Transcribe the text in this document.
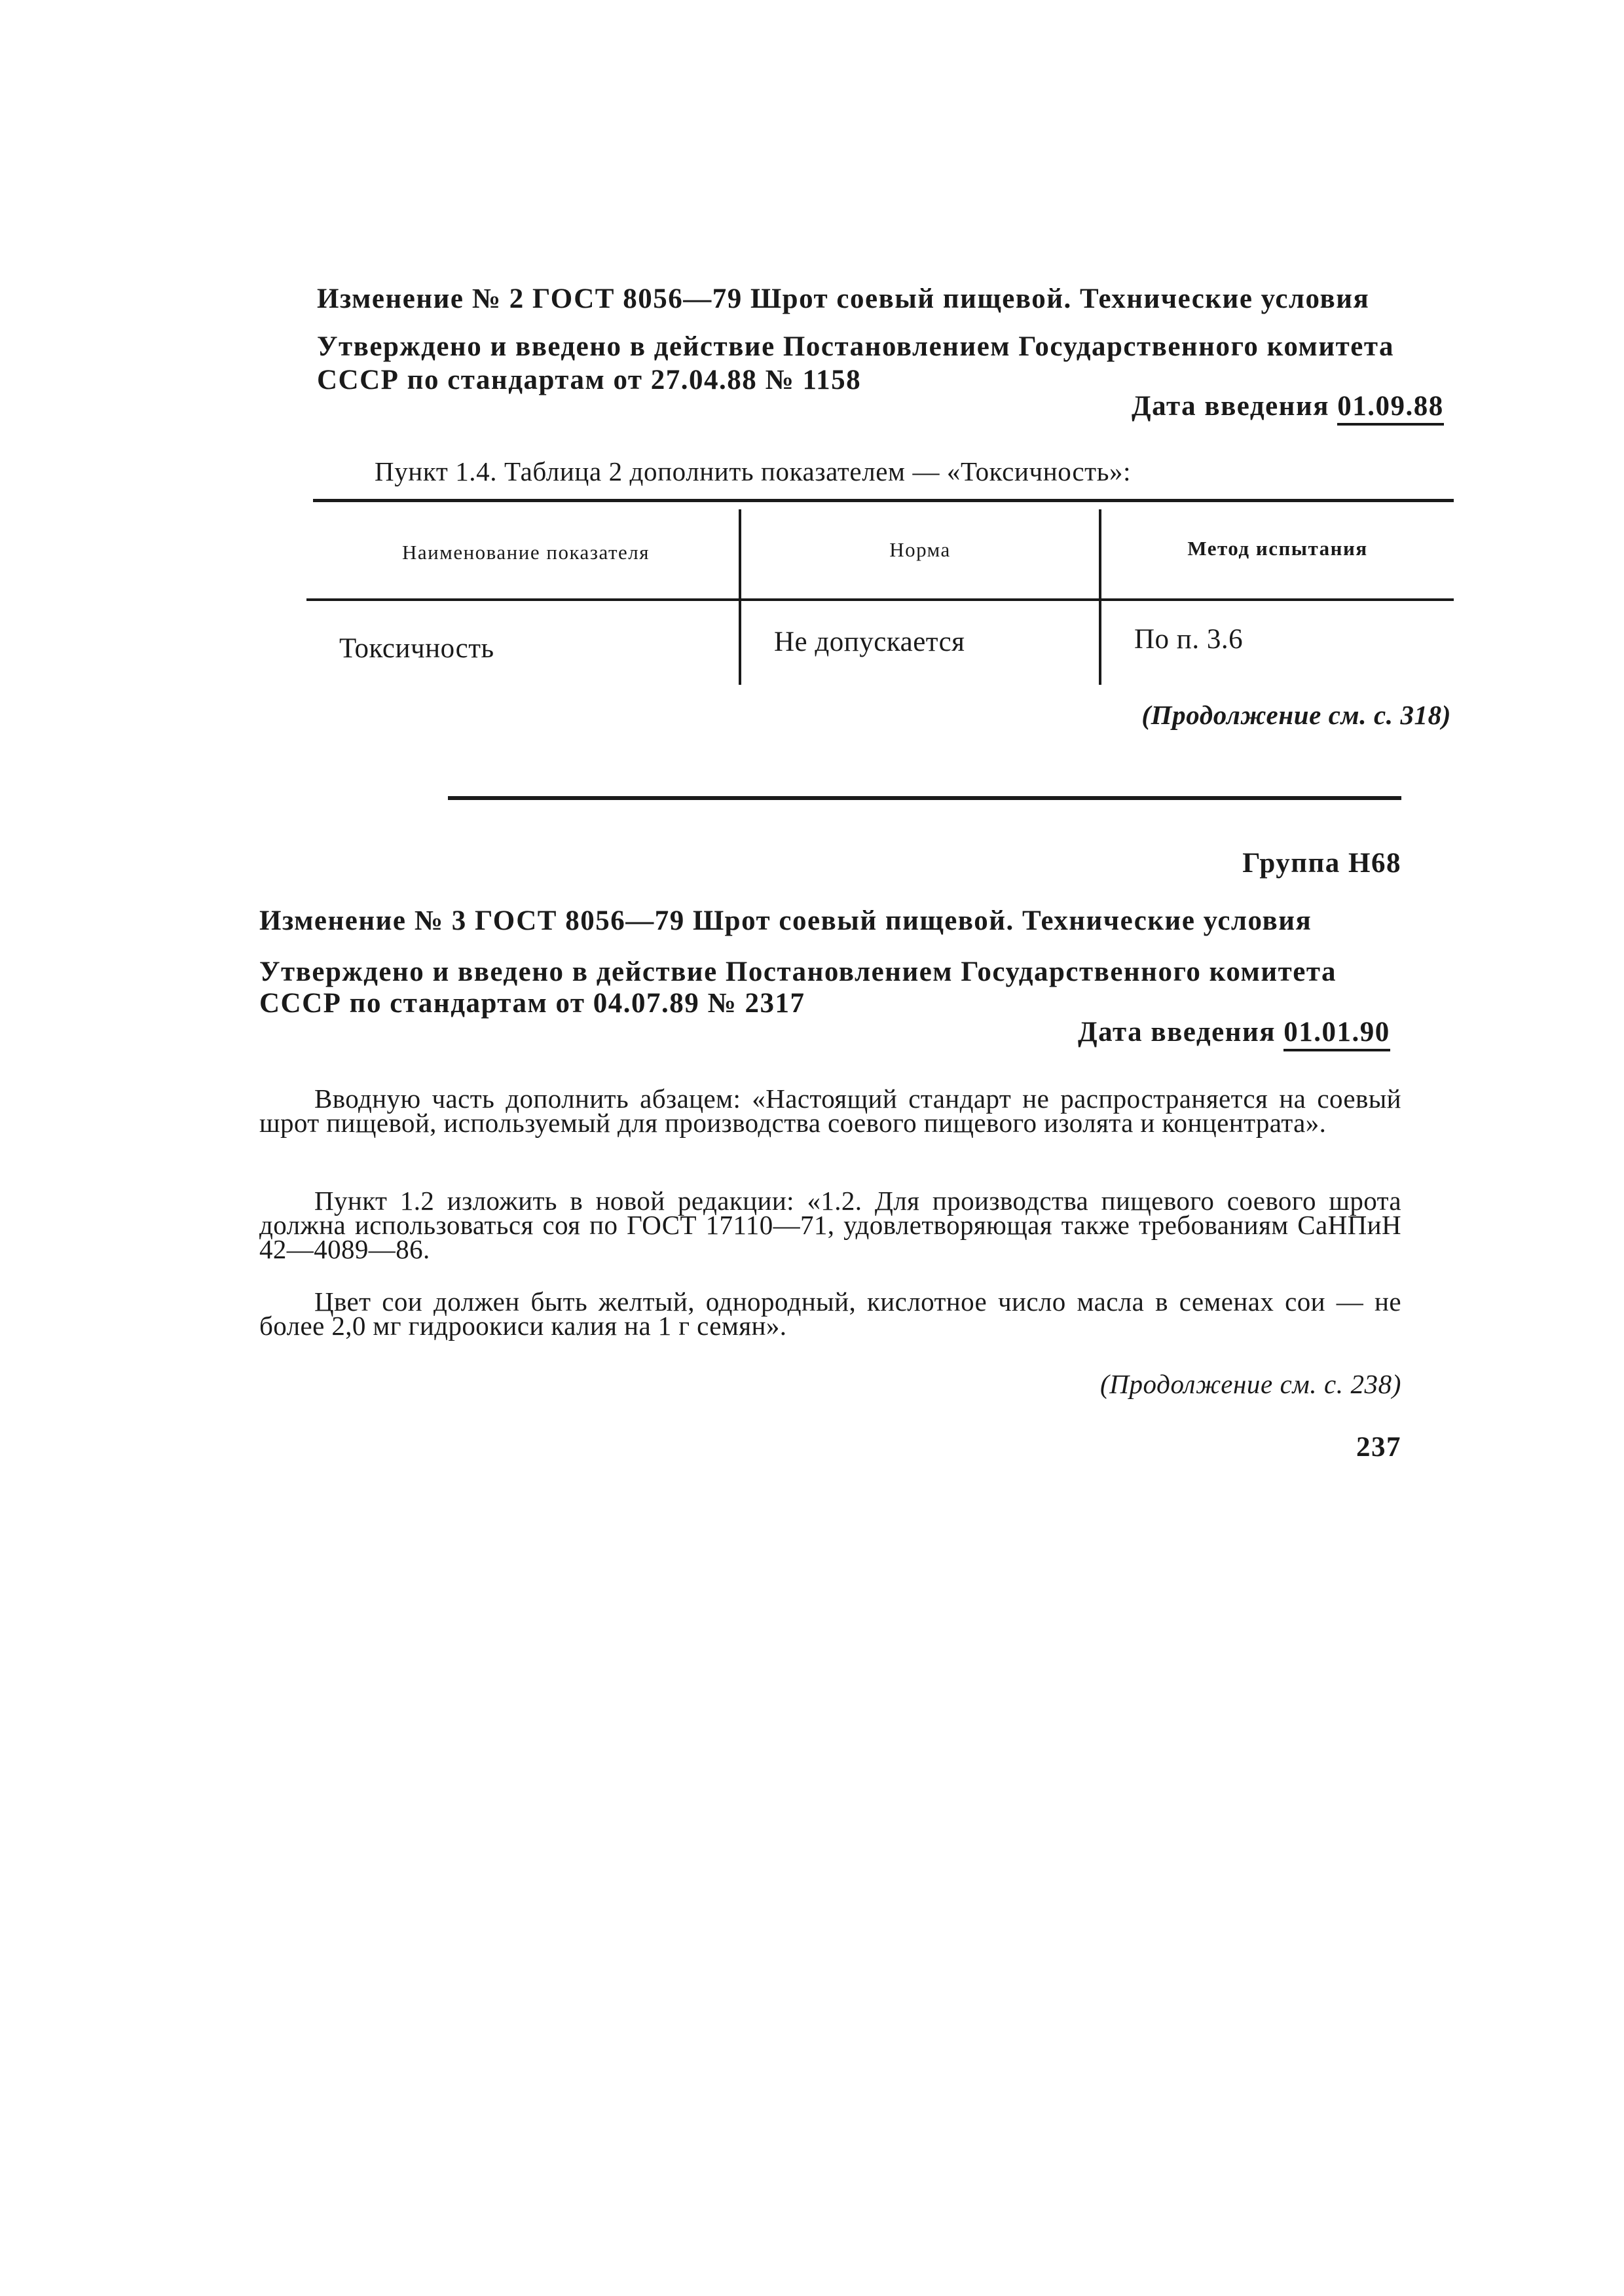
Изменение № 2 ГОСТ 8056—79 Шрот соевый пищевой. Технические условия
Утверждено и введено в действие Постановлением Государственного комитета
СССР по стандартам от 27.04.88 № 1158
Дата введения 01.09.88
Пункт 1.4. Таблица 2 дополнить показателем — «Токсичность»:
Наименование показателя	Норма	Метод испытания
Токсичность	Не допускается	По п. 3.6
(Продолжение см. с. 318)
Группа Н68
Изменение № 3 ГОСТ 8056—79 Шрот соевый пищевой. Технические условия
Утверждено и введено в действие Постановлением Государственного комитета
СССР по стандартам от 04.07.89 № 2317
Дата введения 01.01.90
Вводную часть дополнить абзацем: «Настоящий стандарт не распространяется на соевый шрот пищевой, используемый для производства соевого пищевого изолята и концентрата».
Пункт 1.2 изложить в новой редакции: «1.2. Для производства пищевого соевого шрота должна использоваться соя по ГОСТ 17110—71, удовлетворяющая также требованиям СаНПиН 42—4089—86.
Цвет сои должен быть желтый, однородный, кислотное число масла в семенах сои — не более 2,0 мг гидроокиси калия на 1 г семян».
(Продолжение см. с. 238)
237
